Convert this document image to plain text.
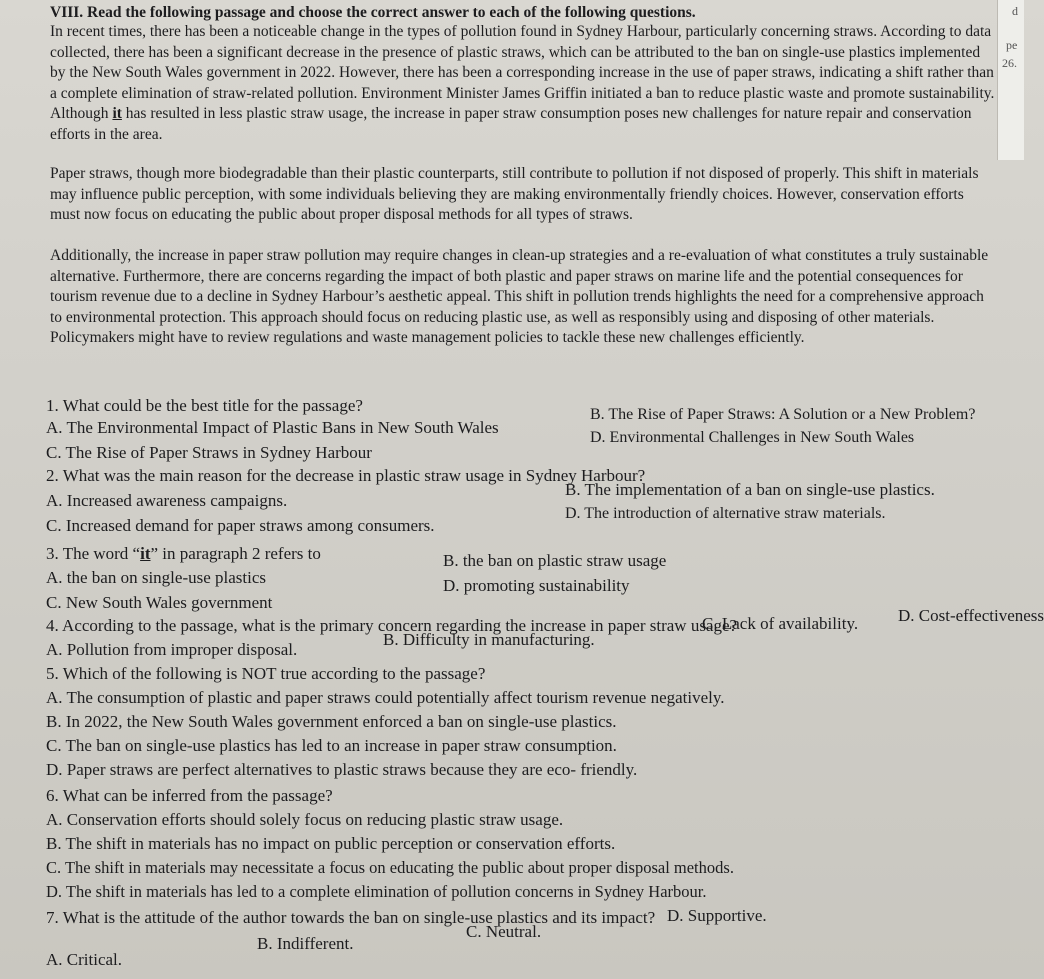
VIII. Read the following passage and choose the correct answer to each of the following questions.

In recent times, there has been a noticeable change in the types of pollution found in Sydney Harbour, particularly concerning straws. According to data collected, there has been a significant decrease in the presence of plastic straws, which can be attributed to the ban on single-use plastics implemented by the New South Wales government in 2022. However, there has been a corresponding increase in the use of paper straws, indicating a shift rather than a complete elimination of straw-related pollution. Environment Minister James Griffin initiated a ban to reduce plastic waste and promote sustainability. Although it has resulted in less plastic straw usage, the increase in paper straw consumption poses new challenges for nature repair and conservation efforts in the area.

Paper straws, though more biodegradable than their plastic counterparts, still contribute to pollution if not disposed of properly. This shift in materials may influence public perception, with some individuals believing they are making environmentally friendly choices. However, conservation efforts must now focus on educating the public about proper disposal methods for all types of straws.

Additionally, the increase in paper straw pollution may require changes in clean-up strategies and a re-evaluation of what constitutes a truly sustainable alternative. Furthermore, there are concerns regarding the impact of both plastic and paper straws on marine life and the potential consequences for tourism revenue due to a decline in Sydney Harbour’s aesthetic appeal. This shift in pollution trends highlights the need for a comprehensive approach to environmental protection. This approach should focus on reducing plastic use, as well as responsibly using and disposing of other materials. Policymakers might have to review regulations and waste management policies to tackle these new challenges efficiently.

1. What could be the best title for the passage?

A. The Environmental Impact of Plastic Bans in New South Wales

B. The Rise of Paper Straws: A Solution or a New Problem?

C. The Rise of Paper Straws in Sydney Harbour

D. Environmental Challenges in New South Wales

2. What was the main reason for the decrease in plastic straw usage in Sydney Harbour?

A. Increased awareness campaigns.

B. The implementation of a ban on single-use plastics.

C. Increased demand for paper straws among consumers.

D. The introduction of alternative straw materials.

3. The word “it” in paragraph 2 refers to

A. the ban on single-use plastics

B. the ban on plastic straw usage

C. New South Wales government

D. promoting sustainability

4. According to the passage, what is the primary concern regarding the increase in paper straw usage?

A. Pollution from improper disposal.

B. Difficulty in manufacturing.

C. Lack of availability. D. Cost-effectiveness

5. Which of the following is NOT true according to the passage?

A. The consumption of plastic and paper straws could potentially affect tourism revenue negatively.

B. In 2022, the New South Wales government enforced a ban on single-use plastics.

C. The ban on single-use plastics has led to an increase in paper straw consumption.

D. Paper straws are perfect alternatives to plastic straws because they are eco- friendly.

6. What can be inferred from the passage?

A. Conservation efforts should solely focus on reducing plastic straw usage.

B. The shift in materials has no impact on public perception or conservation efforts.

C. The shift in materials may necessitate a focus on educating the public about proper disposal methods.

D. The shift in materials has led to a complete elimination of pollution concerns in Sydney Harbour.

7. What is the attitude of the author towards the ban on single-use plastics and its impact?

A. Critical.

B. Indifferent.

C. Neutral.

D. Supportive.

d
pe
26.
